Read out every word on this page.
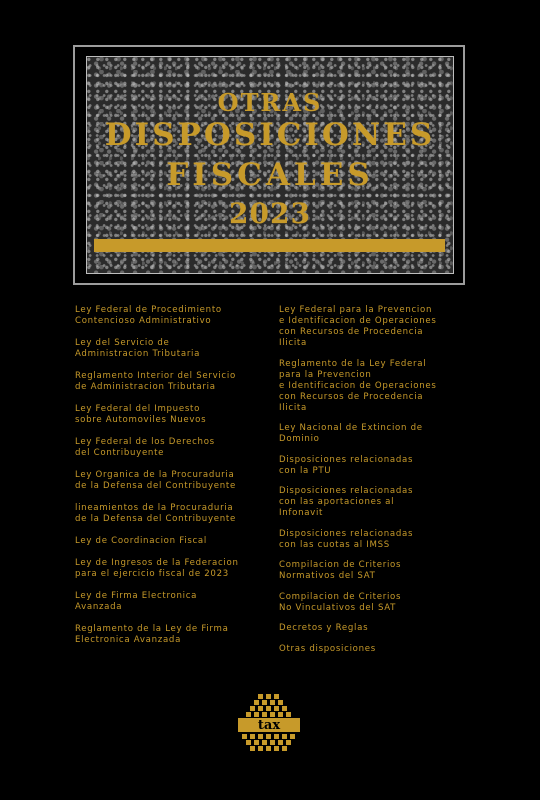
OTRAS
DISPOSICIONES
FISCALES
2023
Ley Federal de Procedimiento
Contencioso Administrativo
Ley del Servicio de
Administracion Tributaria
Reglamento Interior del Servicio
de Administracion Tributaria
Ley Federal del Impuesto
sobre Automoviles Nuevos
Ley Federal de los Derechos
del Contribuyente
Ley Organica de la Procuraduria
de la Defensa del Contribuyente
lineamientos de la Procuraduria
de la Defensa del Contribuyente
Ley de Coordinacion Fiscal
Ley de Ingresos de la Federacion
para el ejercicio fiscal de 2023
Ley de Firma Electronica
Avanzada
Reglamento de la Ley de Firma
Electronica Avanzada
Ley Federal para la Prevencion
e Identificacion de Operaciones
con Recursos de Procedencia
Ilicita
Reglamento de la Ley Federal
para la Prevencion
e Identificacion de Operaciones
con Recursos de Procedencia
Ilicita
Ley Nacional de Extincion de
Dominio
Disposiciones relacionadas
con la PTU
Disposiciones relacionadas
con las aportaciones al
Infonavit
Disposiciones relacionadas
con las cuotas al IMSS
Compilacion de Criterios
Normativos del SAT
Compilacion de Criterios
No Vinculativos del SAT
Decretos y Reglas
Otras disposiciones
tax
